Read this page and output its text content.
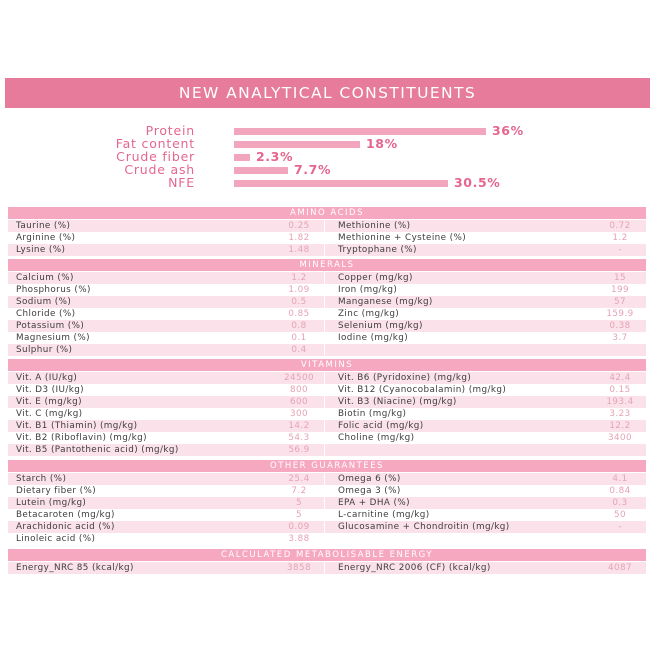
NEW ANALYTICAL CONSTITUENTS
Protein	36%
Fat content	18%
Crude fiber	2.3%
Crude ash	7.7%
NFE	30.5%
AMINO ACIDS
Taurine (%)	0.25	Methionine (%)	0.72
Arginine (%)	1.82	Methionine + Cysteine (%)	1.2
Lysine (%)	1.48	Tryptophane (%)	-
MINERALS
Calcium (%)	1.2	Copper (mg/kg)	15
Phosphorus (%)	1.09	Iron (mg/kg)	199
Sodium (%)	0.5	Manganese (mg/kg)	57
Chloride (%)	0.85	Zinc (mg/kg)	159.9
Potassium (%)	0.8	Selenium (mg/kg)	0.38
Magnesium (%)	0.1	Iodine (mg/kg)	3.7
Sulphur (%)	0.4
VITAMINS
Vit. A (IU/kg)	24500	Vit. B6 (Pyridoxine) (mg/kg)	42.4
Vit. D3 (IU/kg)	800	Vit. B12 (Cyanocobalamin) (mg/kg)	0.15
Vit. E (mg/kg)	600	Vit. B3 (Niacine) (mg/kg)	193.4
Vit. C (mg/kg)	300	Biotin (mg/kg)	3.23
Vit. B1 (Thiamin) (mg/kg)	14.2	Folic acid (mg/kg)	12.2
Vit. B2 (Riboflavin) (mg/kg)	54.3	Choline (mg/kg)	3400
Vit. B5 (Pantothenic acid) (mg/kg)	56.9
OTHER GUARANTEES
Starch (%)	25.4	Omega 6 (%)	4.1
Dietary fiber (%)	7.2	Omega 3 (%)	0.84
Lutein (mg/kg)	5	EPA + DHA (%)	0.3
Betacaroten (mg/kg)	5	L-carnitine (mg/kg)	50
Arachidonic acid (%)	0.09	Glucosamine + Chondroitin (mg/kg)	-
Linoleic acid (%)	3.88
CALCULATED METABOLISABLE ENERGY
Energy_NRC 85 (kcal/kg)	3858	Energy_NRC 2006 (CF) (kcal/kg)	4087
